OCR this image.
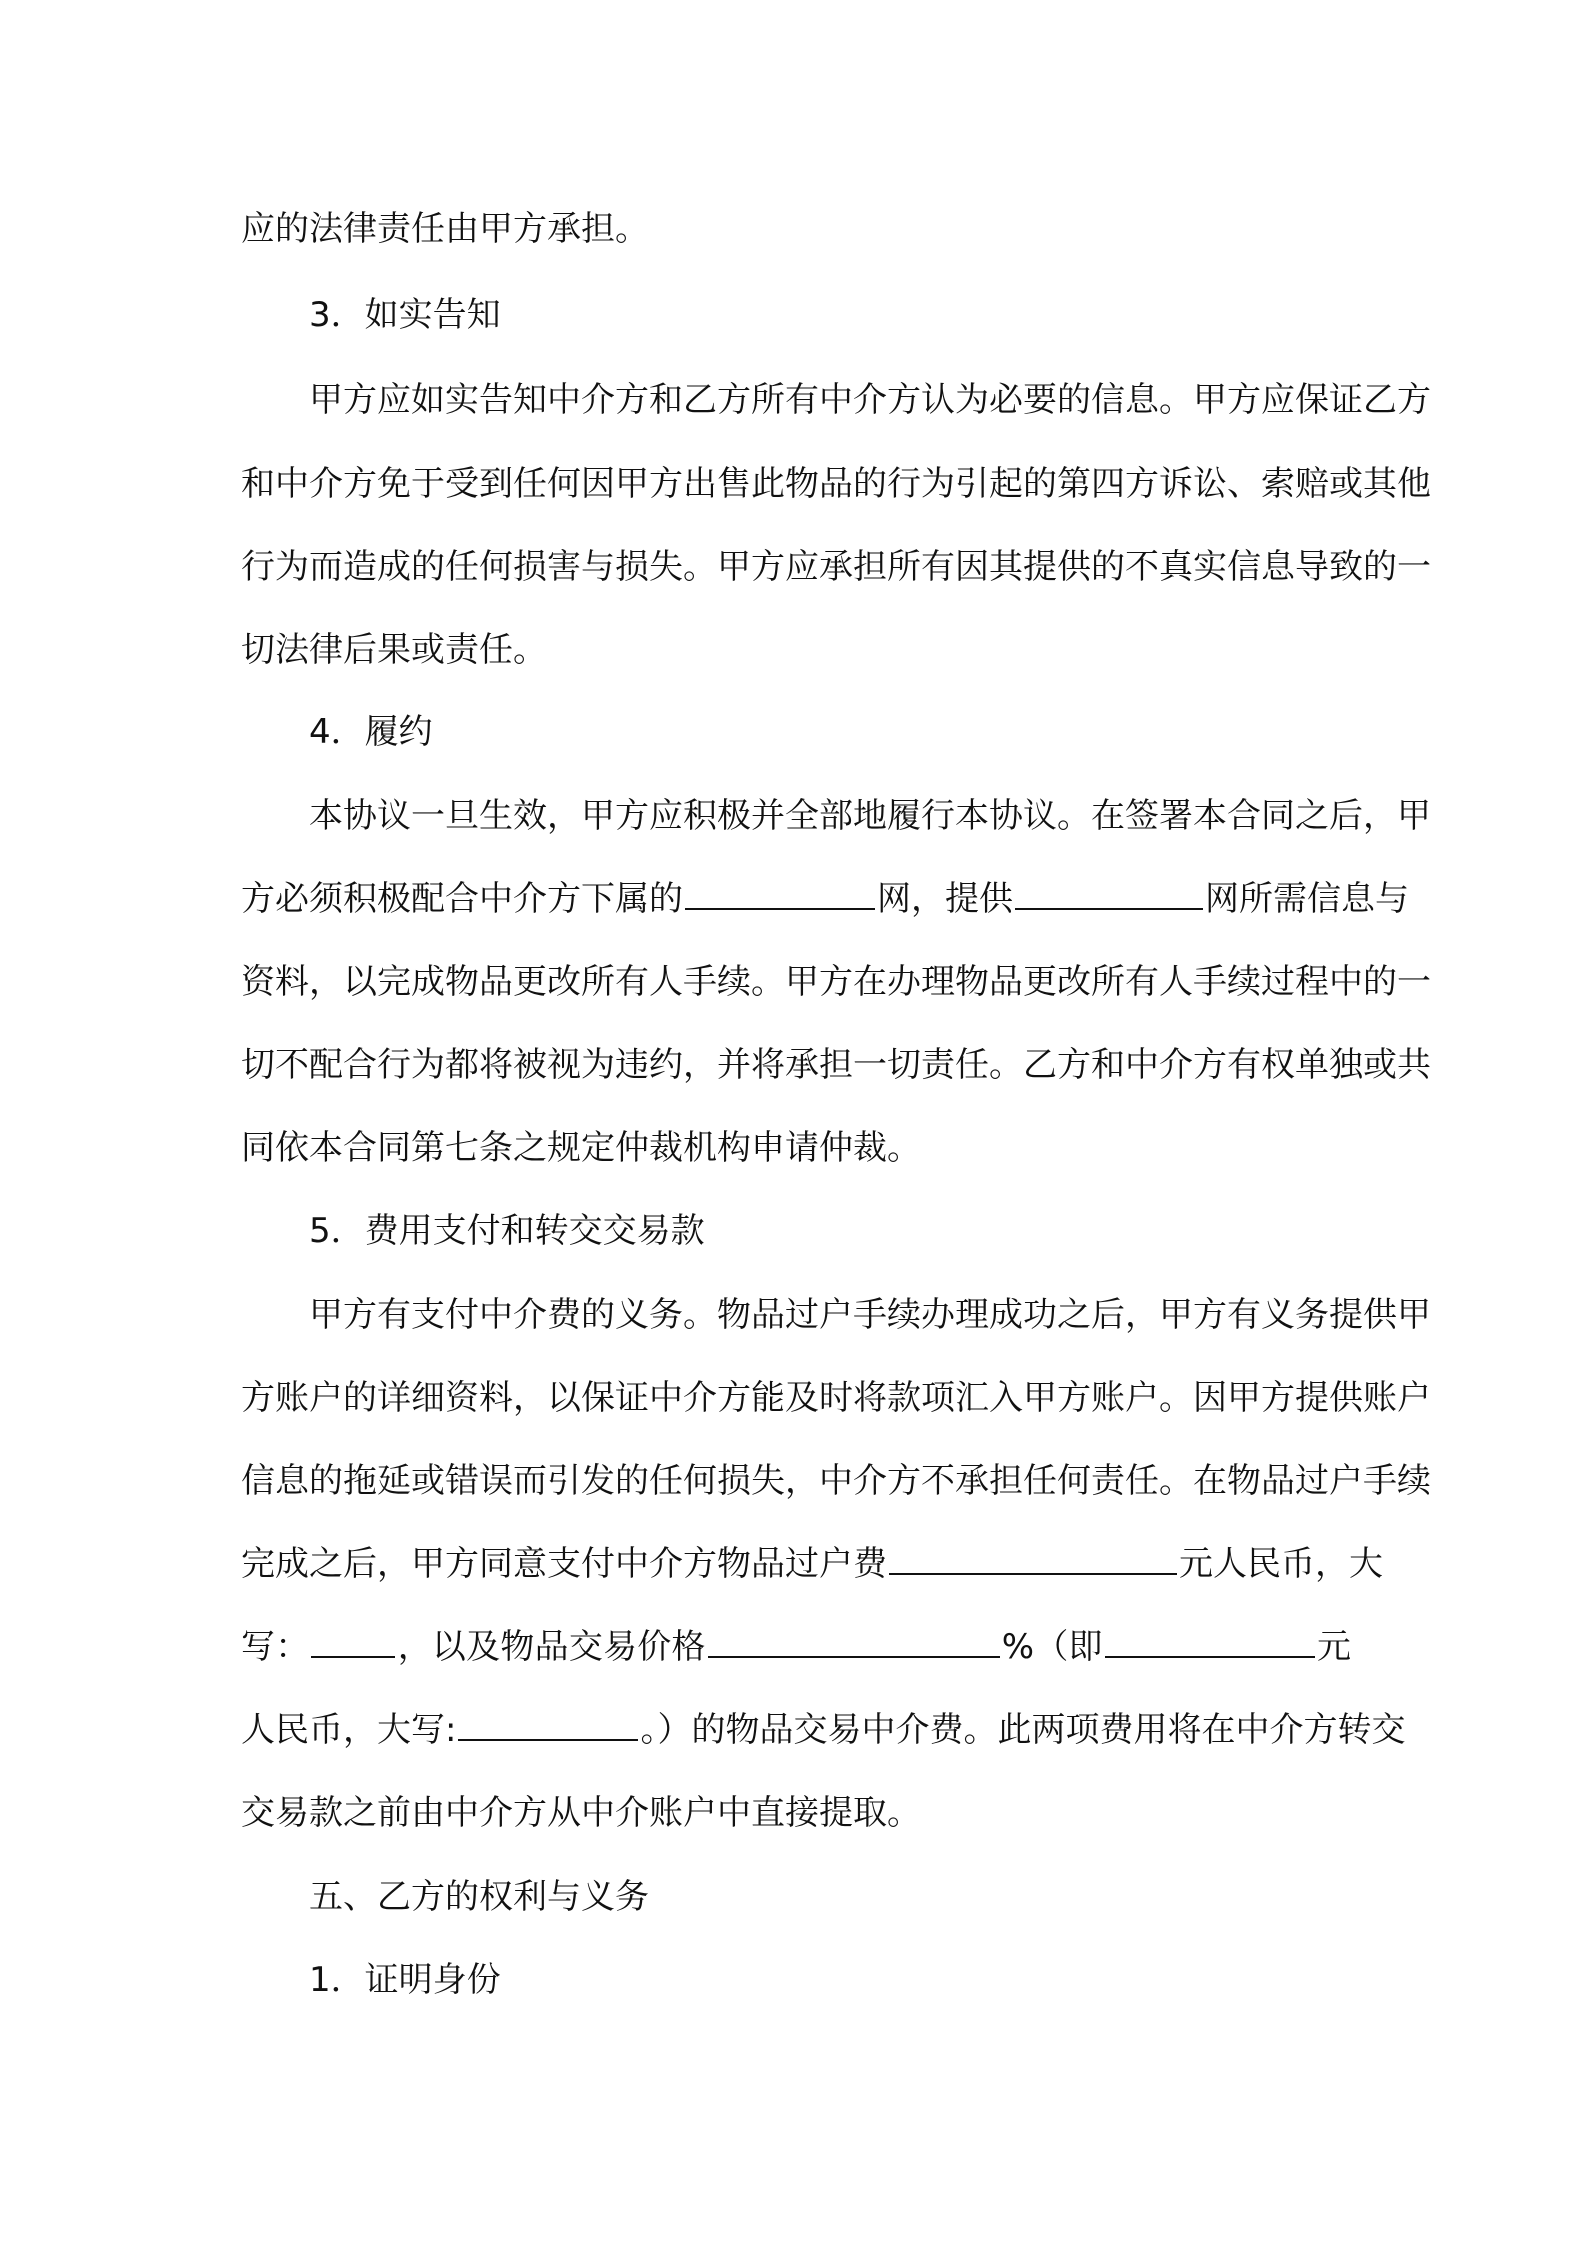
应的法律责任由甲方承担。
3．如实告知
甲方应如实告知中介方和乙方所有中介方认为必要的信息。甲方应保证乙方
和中介方免于受到任何因甲方出售此物品的行为引起的第四方诉讼、索赔或其他
行为而造成的任何损害与损失。甲方应承担所有因其提供的不真实信息导致的一
切法律后果或责任。
4．履约
本协议一旦生效，甲方应积极并全部地履行本协议。在签署本合同之后，甲
方必须积极配合中介方下属的	网，提供	网所需信息与
资料，以完成物品更改所有人手续。甲方在办理物品更改所有人手续过程中的一
切不配合行为都将被视为违约，并将承担一切责任。乙方和中介方有权单独或共
同依本合同第七条之规定仲裁机构申请仲裁。
5．费用支付和转交交易款
甲方有支付中介费的义务。物品过户手续办理成功之后，甲方有义务提供甲
方账户的详细资料，以保证中介方能及时将款项汇入甲方账户。因甲方提供账户
信息的拖延或错误而引发的任何损失，中介方不承担任何责任。在物品过户手续
完成之后，甲方同意支付中介方物品过户费	元人民币，大
写：	，以及物品交易价格	%（即	元
人民币，大写:	。）的物品交易中介费。此两项费用将在中介方转交
交易款之前由中介方从中介账户中直接提取。
五、乙方的权利与义务
1．证明身份
